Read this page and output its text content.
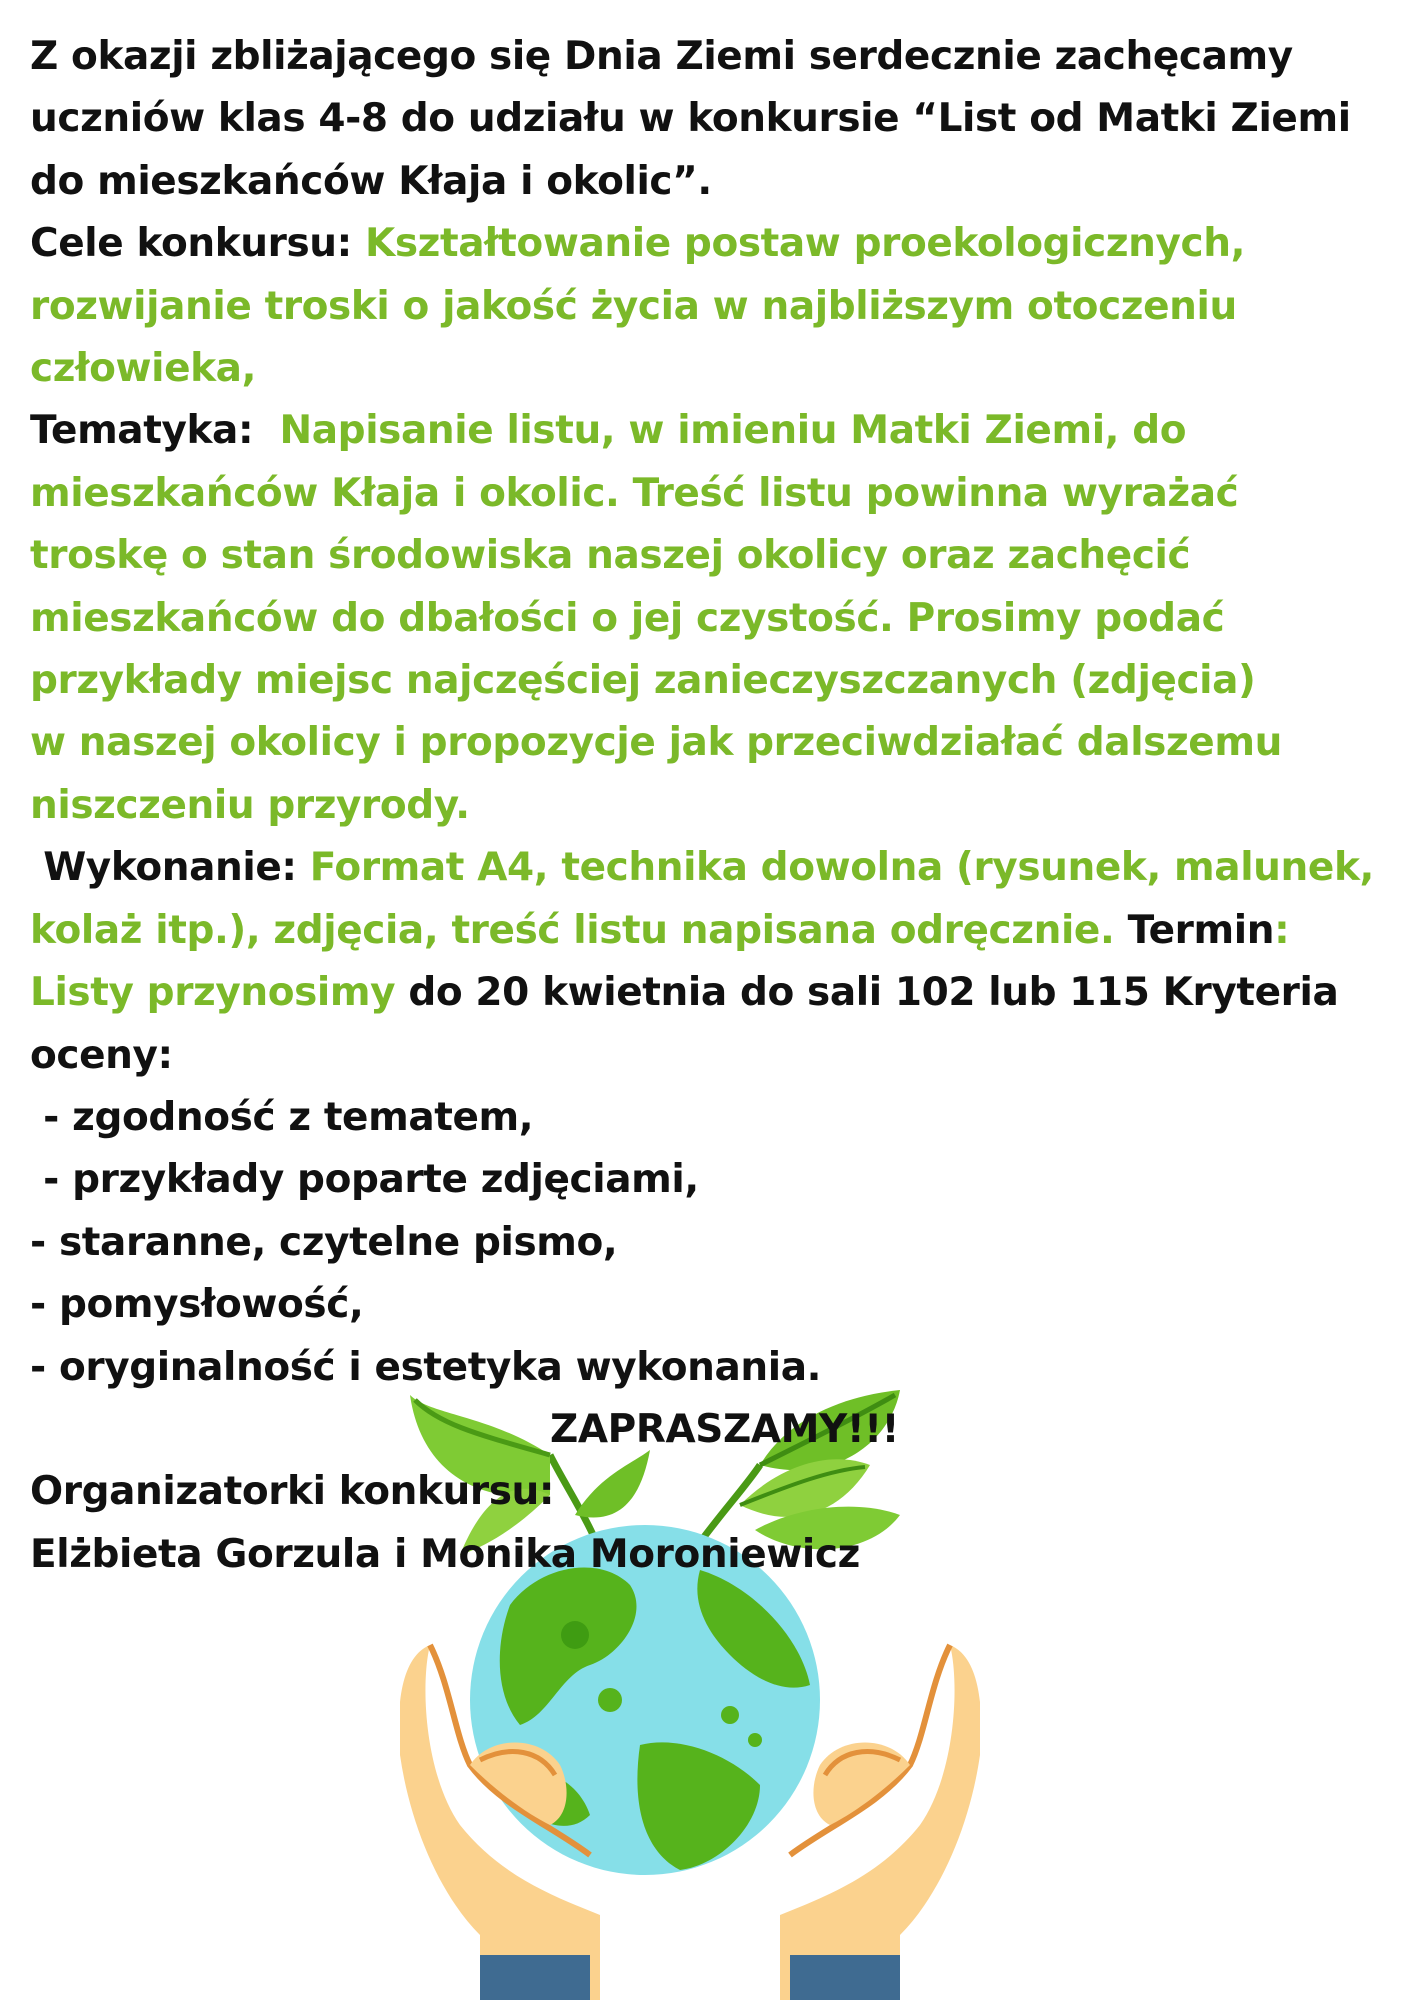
Z okazji zbliżającego się Dnia Ziemi serdecznie zachęcamy
uczniów klas 4-8 do udziału w konkursie “List od Matki Ziemi
do mieszkańców Kłaja i okolic”.
Cele konkursu: Kształtowanie postaw proekologicznych,
rozwijanie troski o jakość życia w najbliższym otoczeniu
człowieka,
Tematyka: Napisanie listu, w imieniu Matki Ziemi, do
mieszkańców Kłaja i okolic. Treść listu powinna wyrażać
troskę o stan środowiska naszej okolicy oraz zachęcić
mieszkańców do dbałości o jej czystość. Prosimy podać
przykłady miejsc najczęściej zanieczyszczanych (zdjęcia)
w naszej okolicy i propozycje jak przeciwdziałać dalszemu
niszczeniu przyrody.
Wykonanie: Format A4, technika dowolna (rysunek, malunek,
kolaż itp.), zdjęcia, treść listu napisana odręcznie. Termin:
Listy przynosimy do 20 kwietnia do sali 102 lub 115 Kryteria
oceny:
- zgodność z tematem,
- przykłady poparte zdjęciami,
- staranne, czytelne pismo,
- pomysłowość,
- oryginalność i estetyka wykonania.
ZAPRASZAMY!!!
Organizatorki konkursu:
Elżbieta Gorzula i Monika Moroniewicz
